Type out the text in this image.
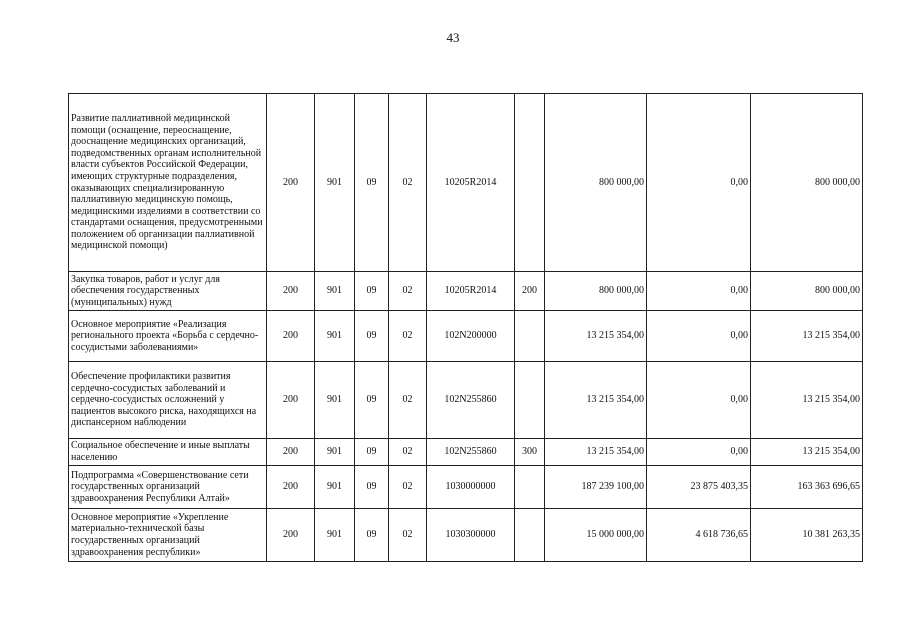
43
Развитие паллиативной медицинской помощи (оснащение, переоснащение, дооснащение медицинских организаций, подведомственных органам исполнительной власти субъектов Российской Федерации, имеющих структурные подразделения, оказывающих специализированную паллиативную медицинскую помощь, медицинскими изделиями в соответствии со стандартами оснащения, предусмотренными положением об организации паллиативной медицинской помощи)	200	901	09	02	10205R2014		800 000,00	0,00	800 000,00
Закупка товаров, работ и услуг для обеспечения государственных (муниципальных) нужд	200	901	09	02	10205R2014	200	800 000,00	0,00	800 000,00
Основное мероприятие «Реализация регионального проекта «Борьба с сердечно-сосудистыми заболеваниями»	200	901	09	02	102N200000		13 215 354,00	0,00	13 215 354,00
Обеспечение профилактики развития сердечно-сосудистых заболеваний и сердечно-сосудистых осложнений у пациентов высокого риска, находящихся на диспансерном наблюдении	200	901	09	02	102N255860		13 215 354,00	0,00	13 215 354,00
Социальное обеспечение и иные выплаты населению	200	901	09	02	102N255860	300	13 215 354,00	0,00	13 215 354,00
Подпрограмма «Совершенствование сети государственных организаций здравоохранения Республики Алтай»	200	901	09	02	1030000000		187 239 100,00	23 875 403,35	163 363 696,65
Основное мероприятие «Укрепление материально-технической базы государственных организаций здравоохранения республики»	200	901	09	02	1030300000		15 000 000,00	4 618 736,65	10 381 263,35
